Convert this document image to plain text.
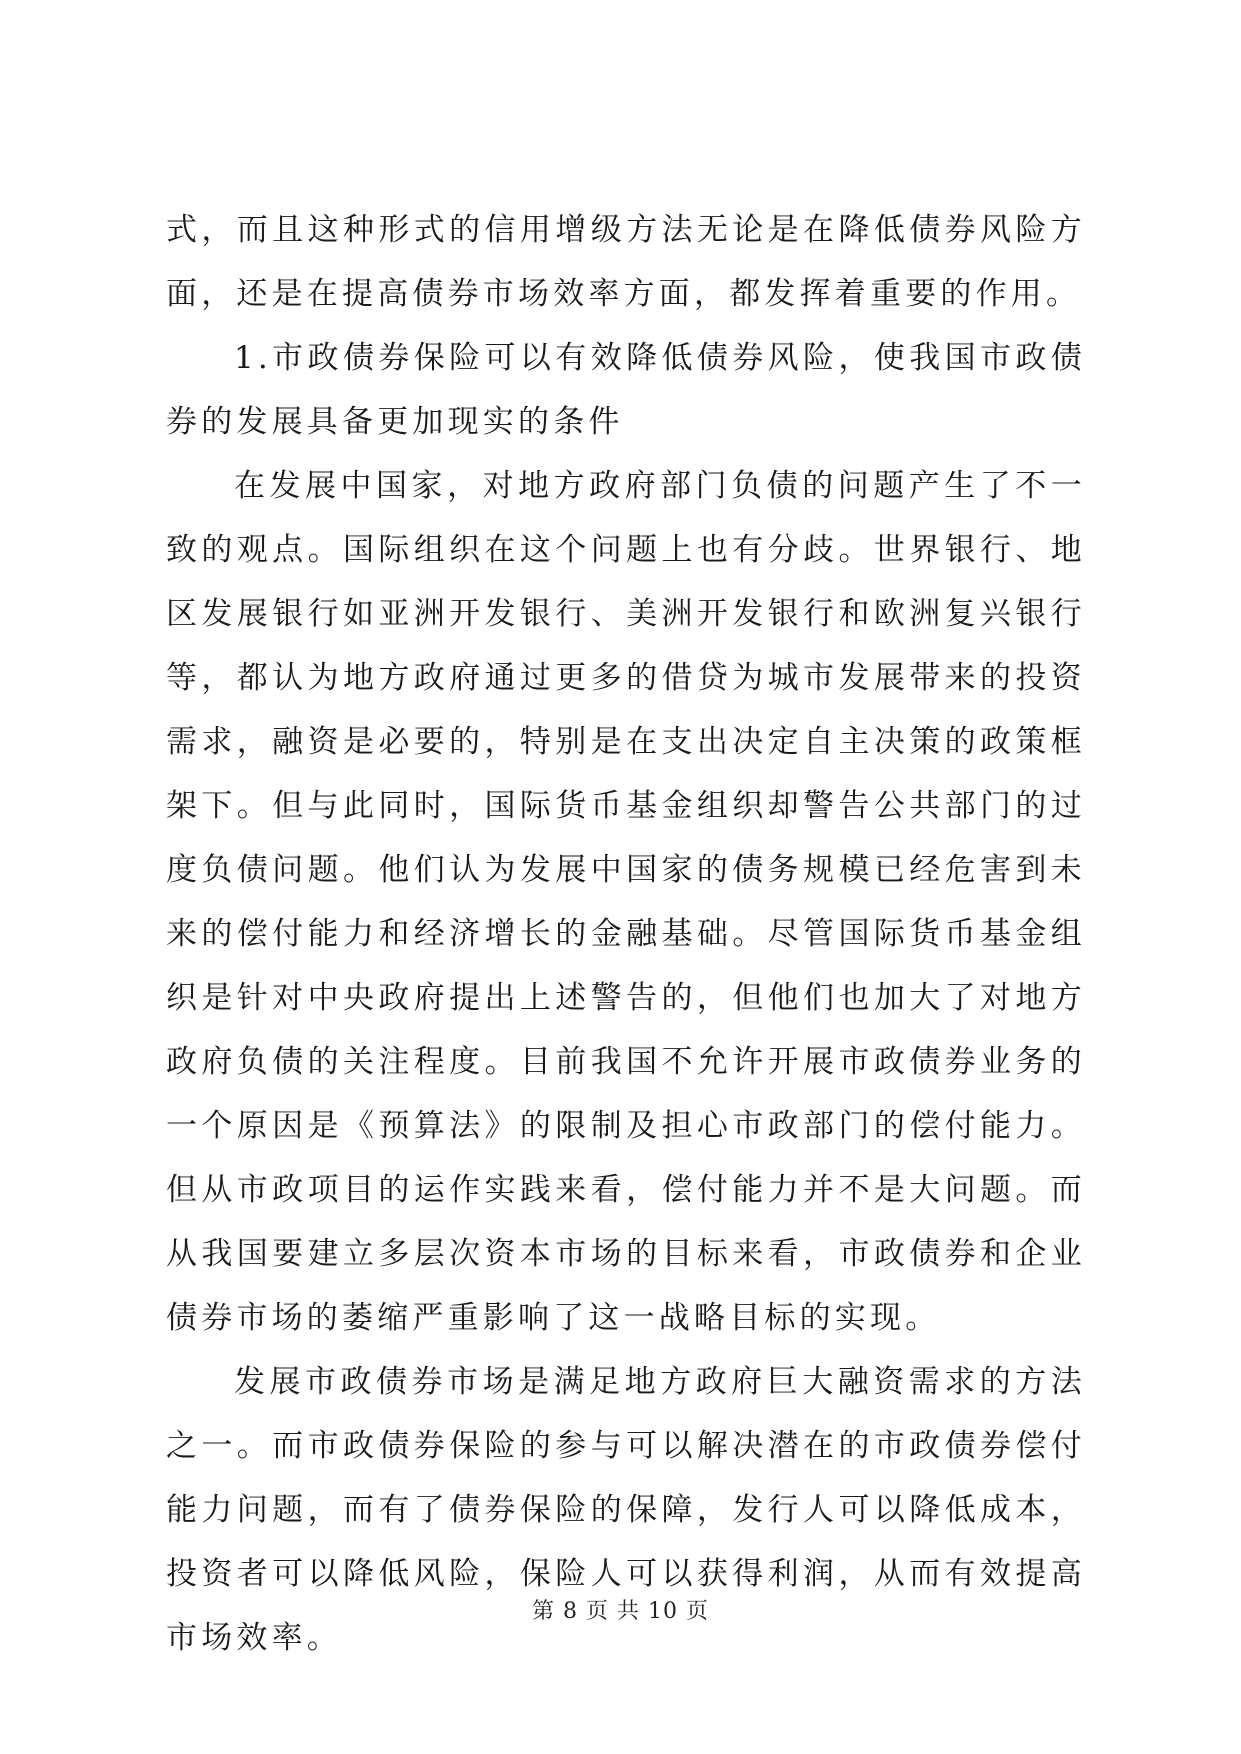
式，而且这种形式的信用增级方法无论是在降低债券风险方面，还是在提高债券市场效率方面，都发挥着重要的作用。

1.市政债券保险可以有效降低债券风险，使我国市政债券的发展具备更加现实的条件

在发展中国家，对地方政府部门负债的问题产生了不一致的观点。国际组织在这个问题上也有分歧。世界银行、地区发展银行如亚洲开发银行、美洲开发银行和欧洲复兴银行等，都认为地方政府通过更多的借贷为城市发展带来的投资需求，融资是必要的，特别是在支出决定自主决策的政策框架下。但与此同时，国际货币基金组织却警告公共部门的过度负债问题。他们认为发展中国家的债务规模已经危害到未来的偿付能力和经济增长的金融基础。尽管国际货币基金组织是针对中央政府提出上述警告的，但他们也加大了对地方政府负债的关注程度。目前我国不允许开展市政债券业务的一个原因是《预算法》的限制及担心市政部门的偿付能力。但从市政项目的运作实践来看，偿付能力并不是大问题。而从我国要建立多层次资本市场的目标来看，市政债券和企业债券市场的萎缩严重影响了这一战略目标的实现。

发展市政债券市场是满足地方政府巨大融资需求的方法之一。而市政债券保险的参与可以解决潜在的市政债券偿付能力问题，而有了债券保险的保障，发行人可以降低成本，投资者可以降低风险，保险人可以获得利润，从而有效提高市场效率。

第 8 页 共 10 页
